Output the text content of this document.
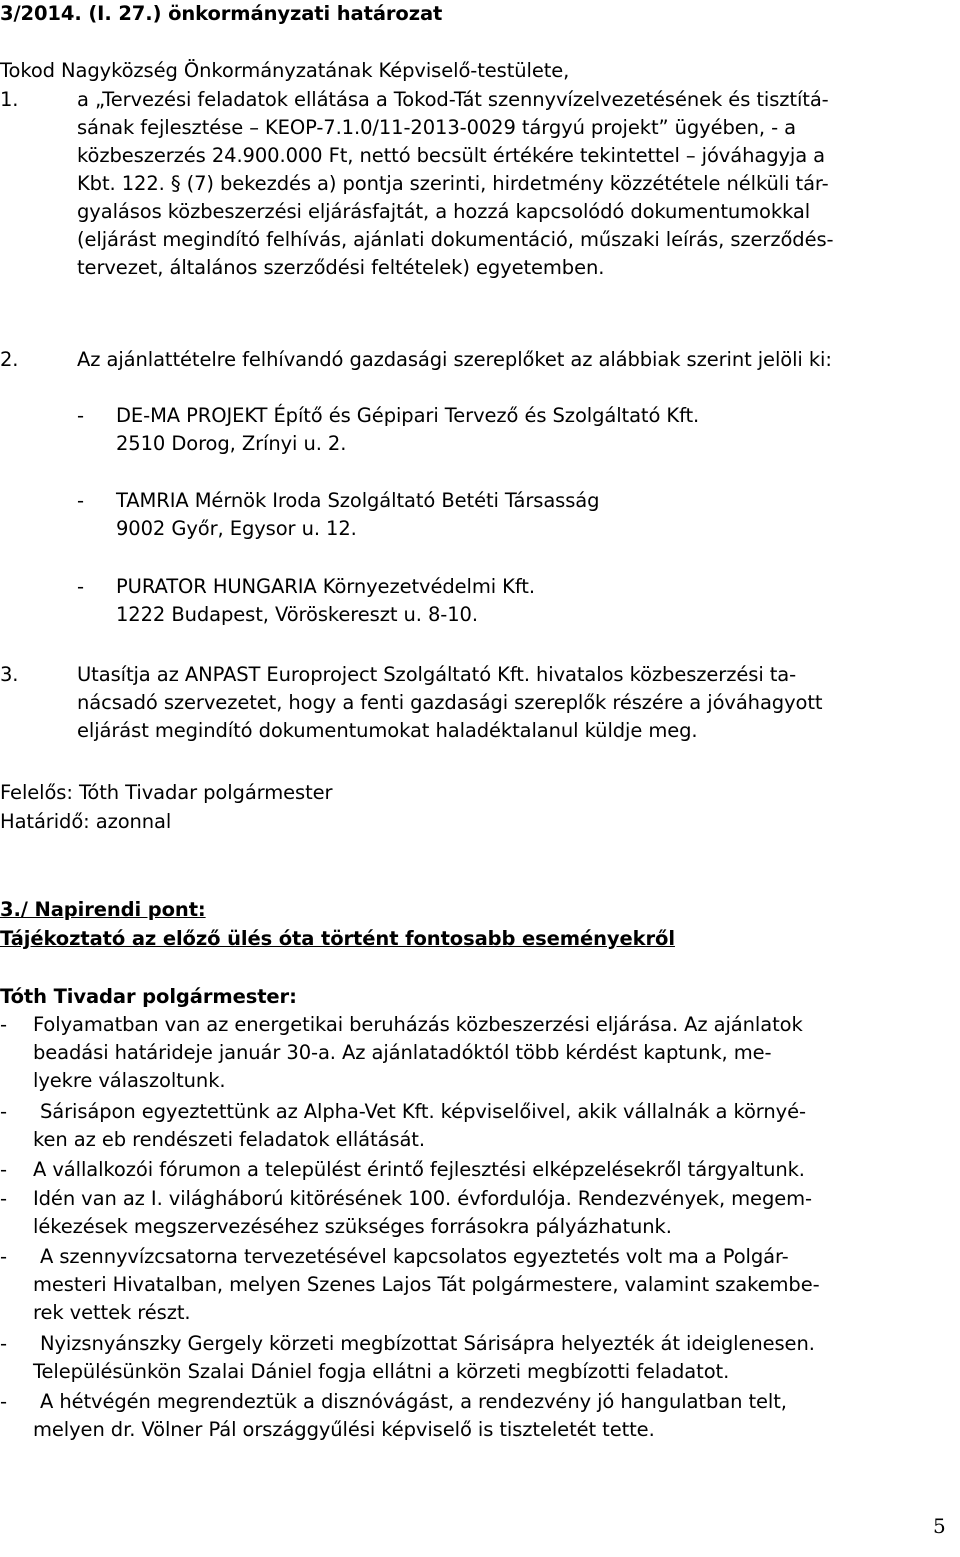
3/2014. (I. 27.) önkormányzati határozat
Tokod Nagyközség Önkormányzatának Képviselő-testülete,
1.	a „Tervezési feladatok ellátása a Tokod-Tát szennyvízelvezetésének és tisztítá-
sának fejlesztése – KEOP-7.1.0/11-2013-0029 tárgyú projekt” ügyében, - a
közbeszerzés 24.900.000 Ft, nettó becsült értékére tekintettel – jóváhagyja a
Kbt. 122. § (7) bekezdés a) pontja szerinti, hirdetmény közzététele nélküli tár-
gyalásos közbeszerzési eljárásfajtát, a hozzá kapcsolódó dokumentumokkal
(eljárást megindító felhívás, ajánlati dokumentáció, műszaki leírás, szerződés-
tervezet, általános szerződési feltételek) egyetemben.
2.	Az ajánlattételre felhívandó gazdasági szereplőket az alábbiak szerint jelöli ki:
- DE-MA PROJEKT Építő és Gépipari Tervező és Szolgáltató Kft.
2510 Dorog, Zrínyi u. 2.
- TAMRIA Mérnök Iroda Szolgáltató Betéti Társasság
9002 Győr, Egysor u. 12.
- PURATOR HUNGARIA Környezetvédelmi Kft.
1222 Budapest, Vöröskereszt u. 8-10.
3.	Utasítja az ANPAST Europroject Szolgáltató Kft. hivatalos közbeszerzési ta-
nácsadó szervezetet, hogy a fenti gazdasági szereplők részére a jóváhagyott
eljárást megindító dokumentumokat haladéktalanul küldje meg.
Felelős: Tóth Tivadar polgármester
Határidő: azonnal
3./ Napirendi pont:
Tájékoztató az előző ülés óta történt fontosabb eseményekről
Tóth Tivadar polgármester:
- Folyamatban van az energetikai beruházás közbeszerzési eljárása. Az ajánlatok
beadási határideje január 30-a. Az ajánlatadóktól több kérdést kaptunk, me-
lyekre válaszoltunk.
- Sárisápon egyeztettünk az Alpha-Vet Kft. képviselőivel, akik vállalnák a környé-
ken az eb rendészeti feladatok ellátását.
- A vállalkozói fórumon a települést érintő fejlesztési elképzelésekről tárgyaltunk.
- Idén van az I. világháború kitörésének 100. évfordulója. Rendezvények, megem-
lékezések megszervezéséhez szükséges forrásokra pályázhatunk.
- A szennyvízcsatorna tervezetésével kapcsolatos egyeztetés volt ma a Polgár-
mesteri Hivatalban, melyen Szenes Lajos Tát polgármestere, valamint szakembe-
rek vettek részt.
- Nyizsnyánszky Gergely körzeti megbízottat Sárisápra helyezték át ideiglenesen.
Településünkön Szalai Dániel fogja ellátni a körzeti megbízotti feladatot.
- A hétvégén megrendeztük a disznóvágást, a rendezvény jó hangulatban telt,
melyen dr. Völner Pál országgyűlési képviselő is tiszteletét tette.
5
